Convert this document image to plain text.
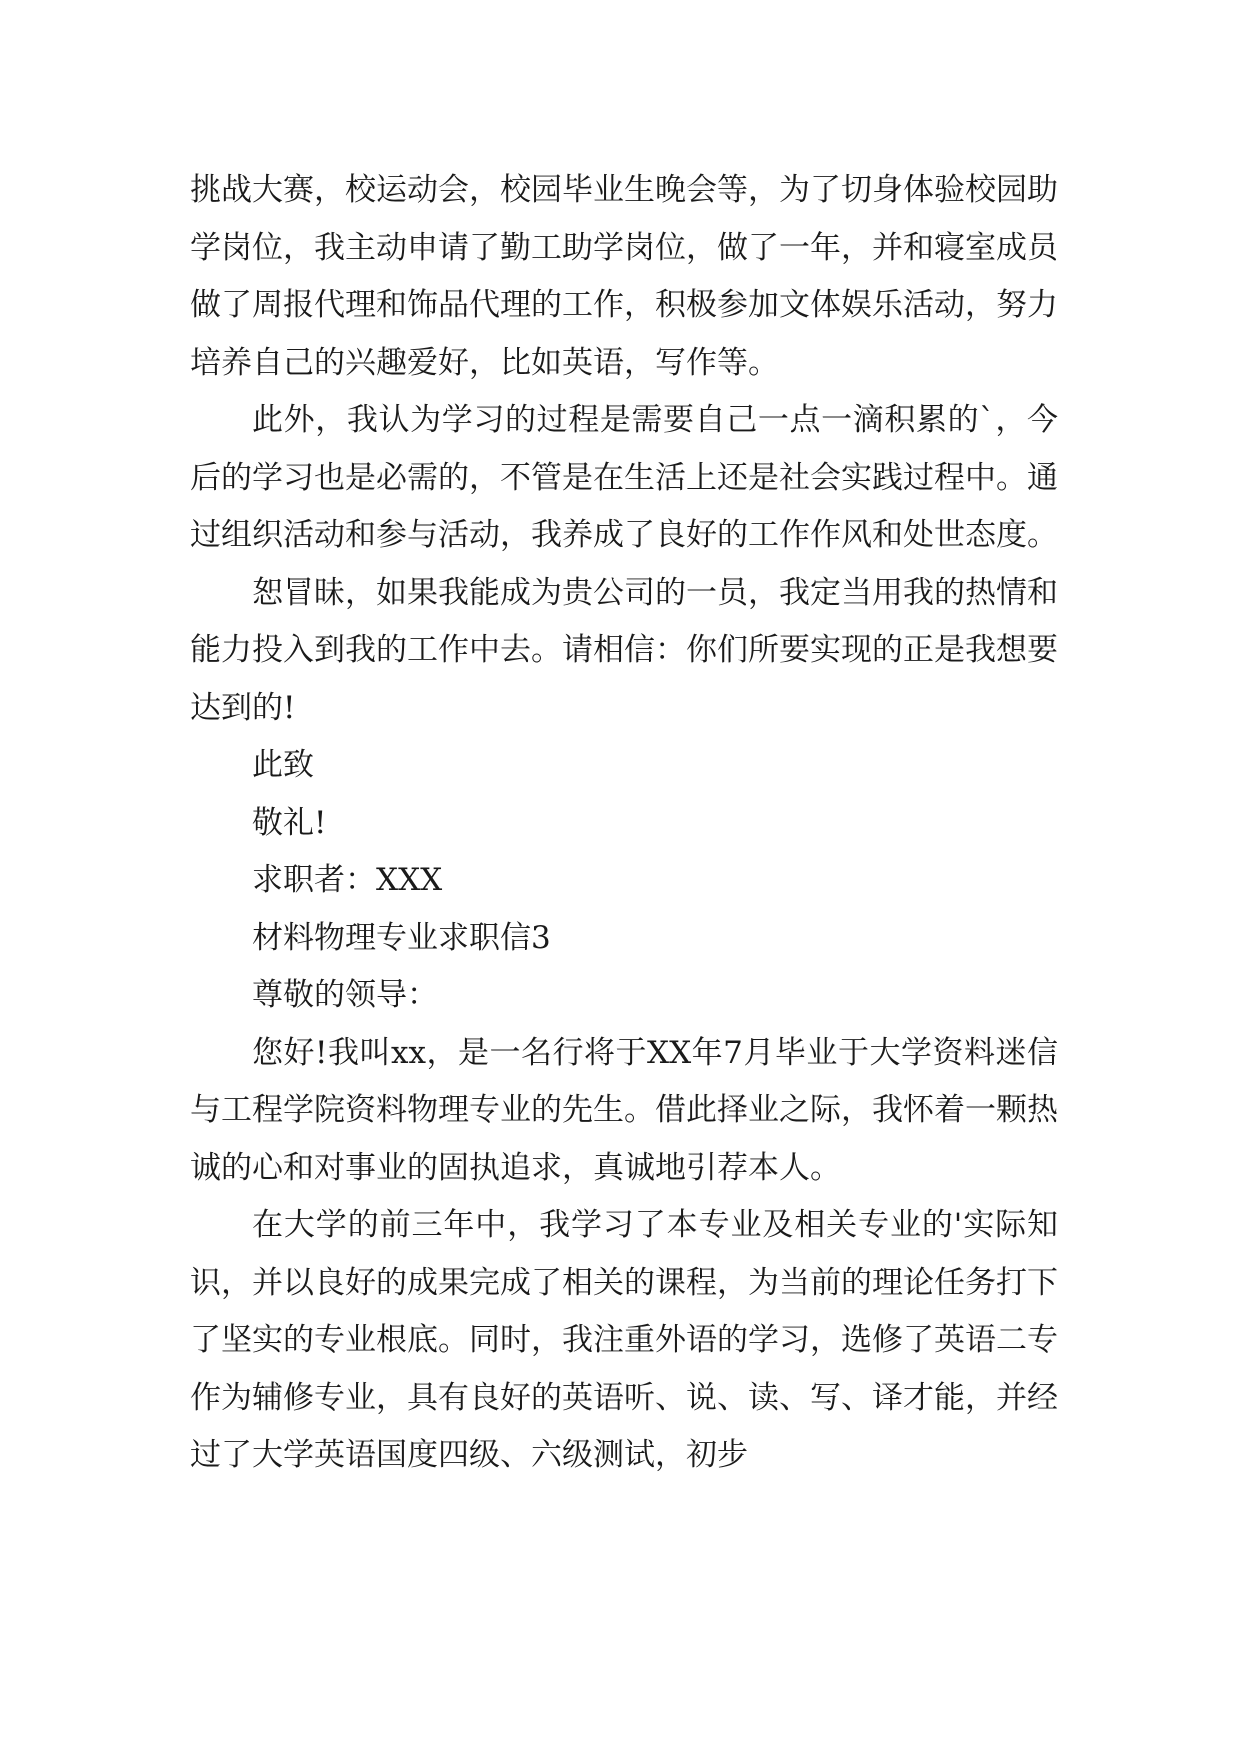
挑战大赛，校运动会，校园毕业生晚会等，为了切身体验校园助学岗位，我主动申请了勤工助学岗位，做了一年，并和寝室成员做了周报代理和饰品代理的工作，积极参加文体娱乐活动，努力培养自己的兴趣爱好，比如英语，写作等。

此外，我认为学习的过程是需要自己一点一滴积累的`，今后的学习也是必需的，不管是在生活上还是社会实践过程中。通过组织活动和参与活动，我养成了良好的工作作风和处世态度。

恕冒昧，如果我能成为贵公司的一员，我定当用我的热情和能力投入到我的工作中去。请相信：你们所要实现的正是我想要达到的!

此致

敬礼!

求职者：XXX

材料物理专业求职信3

尊敬的领导：

您好!我叫xx，是一名行将于XX年7月毕业于大学资料迷信与工程学院资料物理专业的先生。借此择业之际，我怀着一颗热诚的心和对事业的固执追求，真诚地引荐本人。

在大学的前三年中，我学习了本专业及相关专业的'实际知识，并以良好的成果完成了相关的课程，为当前的理论任务打下了坚实的专业根底。同时，我注重外语的学习，选修了英语二专作为辅修专业，具有良好的英语听、说、读、写、译才能，并经过了大学英语国度四级、六级测试，初步
